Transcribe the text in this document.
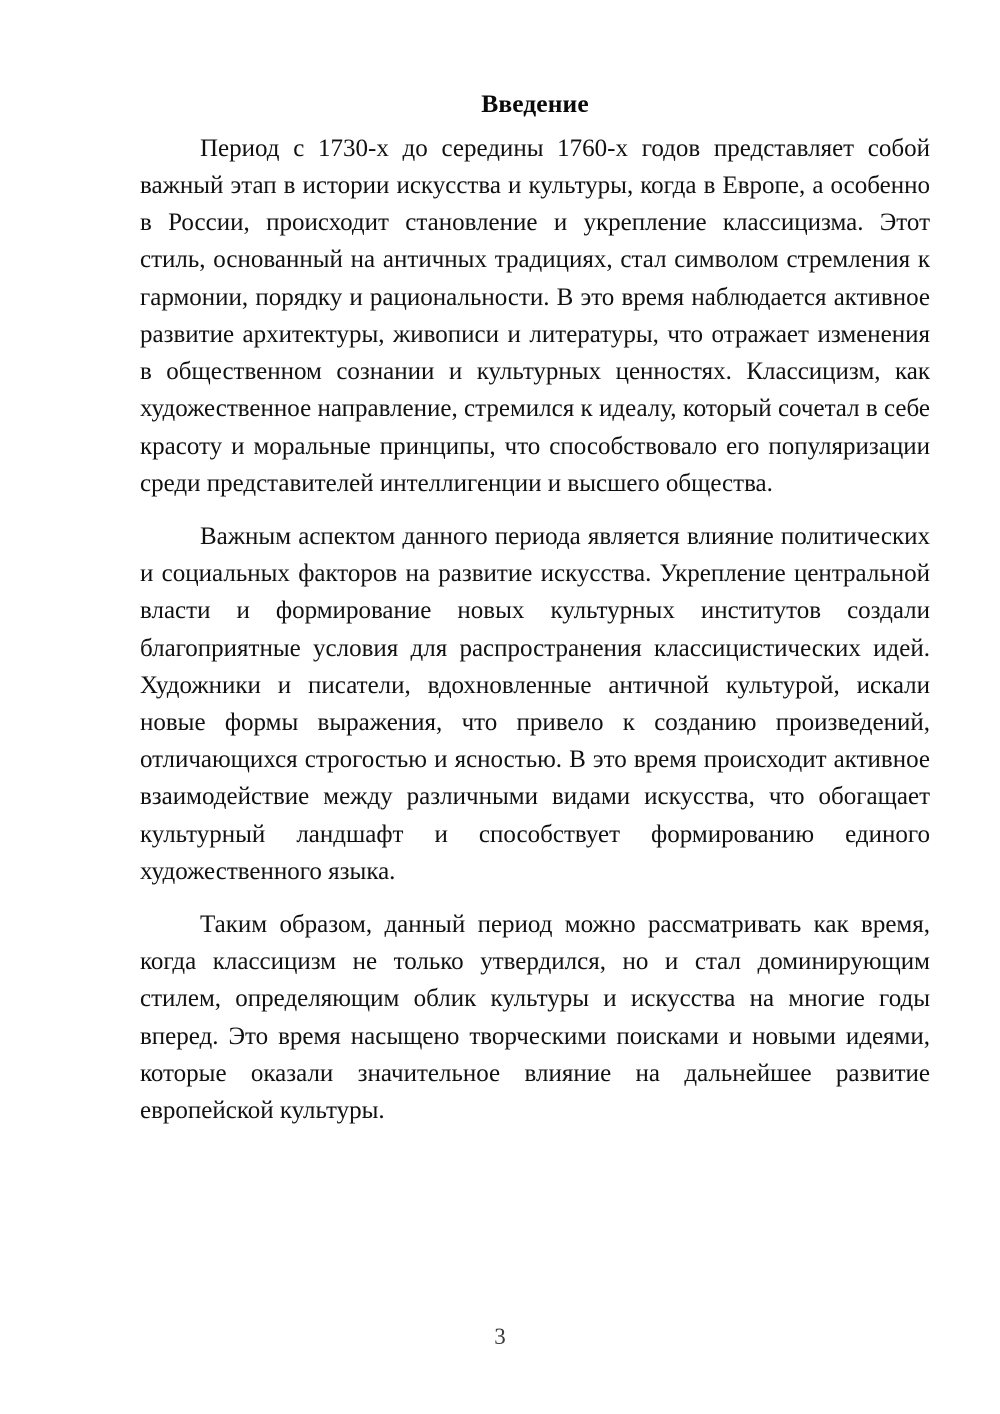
Введение

Период с 1730-х до середины 1760-х годов представляет собой важный этап в истории искусства и культуры, когда в Европе, а особенно в России, происходит становление и укрепление классицизма. Этот стиль, основанный на античных традициях, стал символом стремления к гармонии, порядку и рациональности. В это время наблюдается активное развитие архитектуры, живописи и литературы, что отражает изменения в общественном сознании и культурных ценностях. Классицизм, как художественное направление, стремился к идеалу, который сочетал в себе красоту и моральные принципы, что способствовало его популяризации среди представителей интеллигенции и высшего общества.

Важным аспектом данного периода является влияние политических и социальных факторов на развитие искусства. Укрепление центральной власти и формирование новых культурных институтов создали благоприятные условия для распространения классицистических идей. Художники и писатели, вдохновленные античной культурой, искали новые формы выражения, что привело к созданию произведений, отличающихся строгостью и ясностью. В это время происходит активное взаимодействие между различными видами искусства, что обогащает культурный ландшафт и способствует формированию единого художественного языка.

Таким образом, данный период можно рассматривать как время, когда классицизм не только утвердился, но и стал доминирующим стилем, определяющим облик культуры и искусства на многие годы вперед. Это время насыщено творческими поисками и новыми идеями, которые оказали значительное влияние на дальнейшее развитие европейской культуры.

3
